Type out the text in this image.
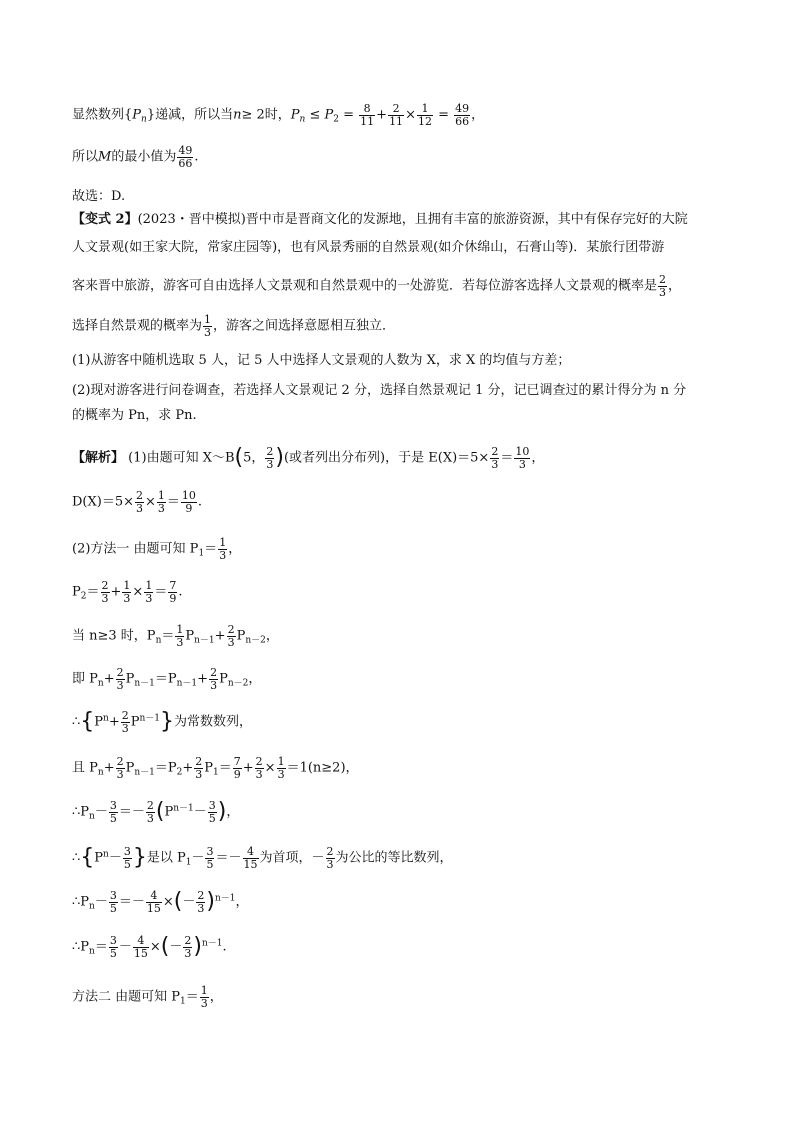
显然数列$\{P_n\}$递减，所以当n≥ 2时，$P_n \le P_2 = \frac{8}{11} + \frac{2}{11} \times \frac{1}{12} = \frac{49}{66}$ ，
所以M的最小值为 $\frac{49}{66}$ .
故选：D.
【变式 2】(2023・晋中模拟)晋中市是晋商文化的发源地，且拥有丰富的旅游资源，其中有保存完好的大院
人文景观(如王家大院，常家庄园等)，也有风景秀丽的自然景观(如介休绵山，石膏山等)．某旅行团带游
客来晋中旅游，游客可自由选择人文景观和自然景观中的一处游览．若每位游客选择人文景观的概率是 $\frac{2}{3}$ ，
选择自然景观的概率为 $\frac{1}{3}$ ，游客之间选择意愿相互独立．
(1)从游客中随机选取 5 人，记 5 人中选择人文景观的人数为 X，求 X 的均值与方差；
(2)现对游客进行问卷调查，若选择人文景观记 2 分，选择自然景观记 1 分，记已调查过的累计得分为 n 分
的概率为 Pn，求 Pn.
【解析】 (1)由题可知 X～B(5， $\frac{2}{3}$ )(或者列出分布列)，于是 $E(X)=5\times \frac{2}{3} = \frac{10}{3}$ ，
$D(X)=5\times \frac{2}{3} \times \frac{1}{3} = \frac{10}{9}$ .
(2)方法一 由题可知 $P_1= \frac{1}{3}$ ，
$P_2= \frac{2}{3} + \frac{1}{3} \times \frac{1}{3} = \frac{7}{9}$ .
当 n≥3 时，$P_n= \frac{1}{3} P_{n-1}+ \frac{2}{3} P_{n-2}$，
即 $P_n+ \frac{2}{3} P_{n-1}=P_{n-1}+ \frac{2}{3} P_{n-2}$，
$\therefore\{P^n+ \frac{2}{3} P^{n-1}\}$为常数数列，
且 $P_n+ \frac{2}{3} P_{n-1}=P_2+ \frac{2}{3} P_1= \frac{7}{9} + \frac{2}{3} \times \frac{1}{3} =1(n\ge 2)$，
$\therefore P_n- \frac{3}{5} =- \frac{2}{3} (P^{n-1}- \frac{3}{5}$ )，
$\therefore\{P^n- \frac{3}{5}$ }是以 $P_1- \frac{3}{5} =- \frac{4}{15}$ 为首项，－ $\frac{2}{3}$ 为公比的等比数列，
$\therefore P_n- \frac{3}{5} =- \frac{4}{15}$ ×(－ $\frac{2}{3} )^{n-1}$，
$\therefore P_n= \frac{3}{5} - \frac{4}{15}$ ×(－ $\frac{2}{3} )^{n-1}$.
方法二 由题可知 $P_1= \frac{1}{3}$ ，
